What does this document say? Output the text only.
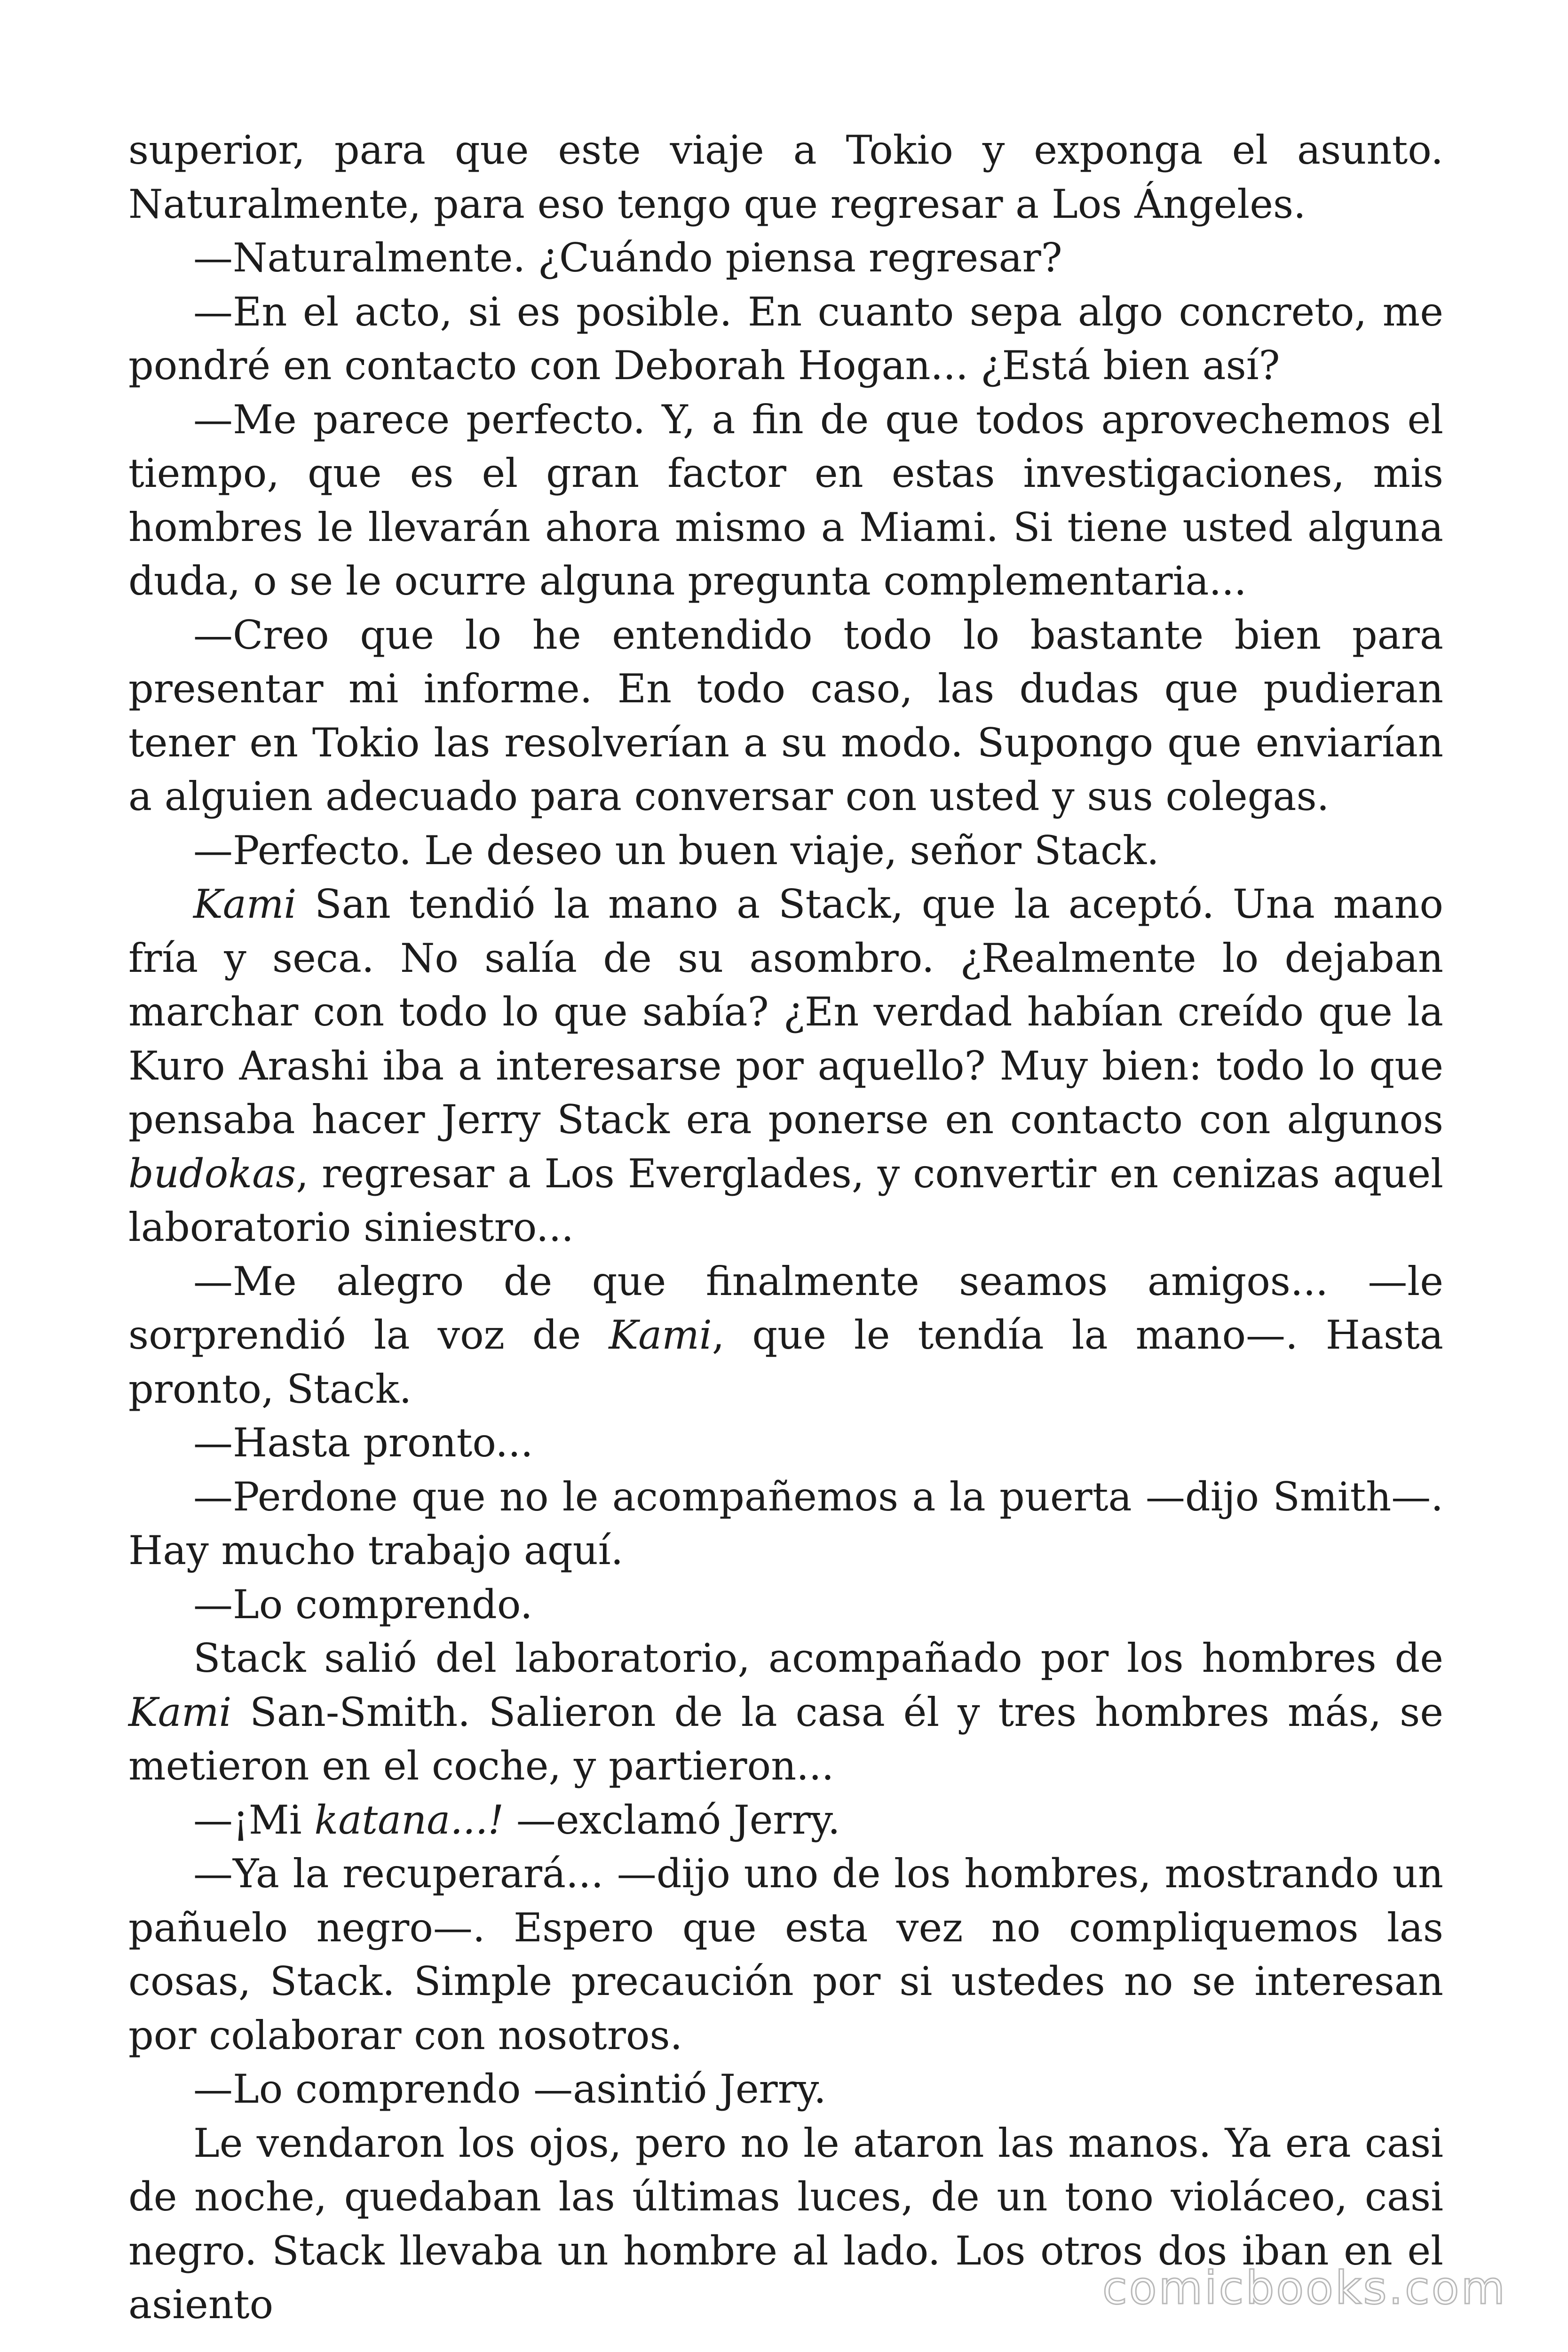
superior, para que este viaje a Tokio y exponga el asunto. Naturalmente, para eso tengo que regresar a Los Ángeles.

—Naturalmente. ¿Cuándo piensa regresar?

—En el acto, si es posible. En cuanto sepa algo concreto, me pondré en contacto con Deborah Hogan... ¿Está bien así?

—Me parece perfecto. Y, a fin de que todos aprovechemos el tiempo, que es el gran factor en estas investigaciones, mis hombres le llevarán ahora mismo a Miami. Si tiene usted alguna duda, o se le ocurre alguna pregunta complementaria...

—Creo que lo he entendido todo lo bastante bien para presentar mi informe. En todo caso, las dudas que pudieran tener en Tokio las resolverían a su modo. Supongo que enviarían a alguien adecuado para conversar con usted y sus colegas.

—Perfecto. Le deseo un buen viaje, señor Stack.

Kami San tendió la mano a Stack, que la aceptó. Una mano fría y seca. No salía de su asombro. ¿Realmente lo dejaban marchar con todo lo que sabía? ¿En verdad habían creído que la Kuro Arashi iba a interesarse por aquello? Muy bien: todo lo que pensaba hacer Jerry Stack era ponerse en contacto con algunos budokas, regresar a Los Everglades, y convertir en cenizas aquel laboratorio siniestro...

—Me alegro de que finalmente seamos amigos... —le sorprendió la voz de Kami, que le tendía la mano—. Hasta pronto, Stack.

—Hasta pronto...

—Perdone que no le acompañemos a la puerta —dijo Smith—. Hay mucho trabajo aquí.

—Lo comprendo.

Stack salió del laboratorio, acompañado por los hombres de Kami San-Smith. Salieron de la casa él y tres hombres más, se metieron en el coche, y partieron...

—¡Mi katana...! —exclamó Jerry.

—Ya la recuperará... —dijo uno de los hombres, mostrando un pañuelo negro—. Espero que esta vez no compliquemos las cosas, Stack. Simple precaución por si ustedes no se interesan por colaborar con nosotros.

—Lo comprendo —asintió Jerry.

Le vendaron los ojos, pero no le ataron las manos. Ya era casi de noche, quedaban las últimas luces, de un tono violáceo, casi negro. Stack llevaba un hombre al lado. Los otros dos iban en el asiento	comicbooks.com
